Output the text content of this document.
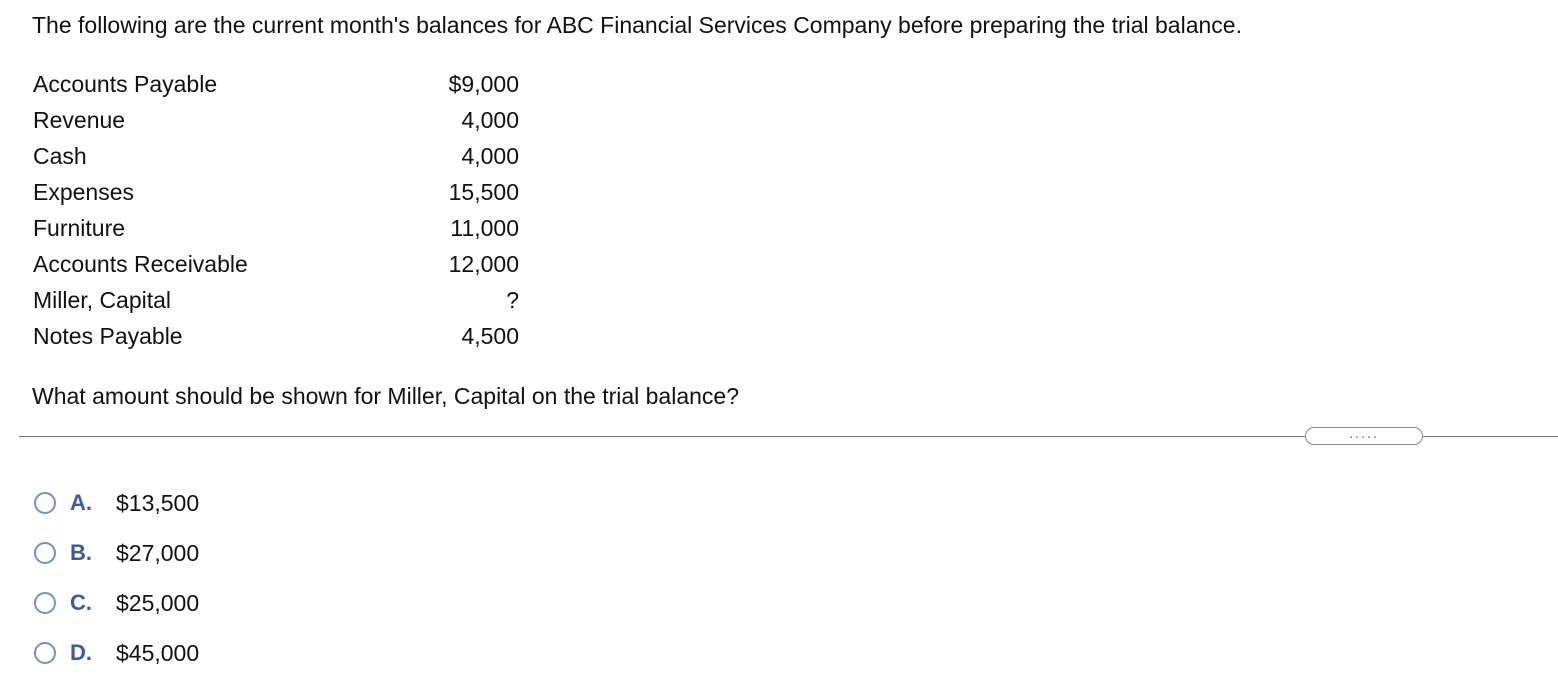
The following are the current month's balances for ABC Financial Services Company before preparing the trial balance.
Accounts Payable	$9,000
Revenue	4,000
Cash	4,000
Expenses	15,500
Furniture	11,000
Accounts Receivable	12,000
Miller, Capital	?
Notes Payable	4,500
What amount should be shown for Miller, Capital on the trial balance?
.....
A.	$13,500
B.	$27,000
C.	$25,000
D.	$45,000
